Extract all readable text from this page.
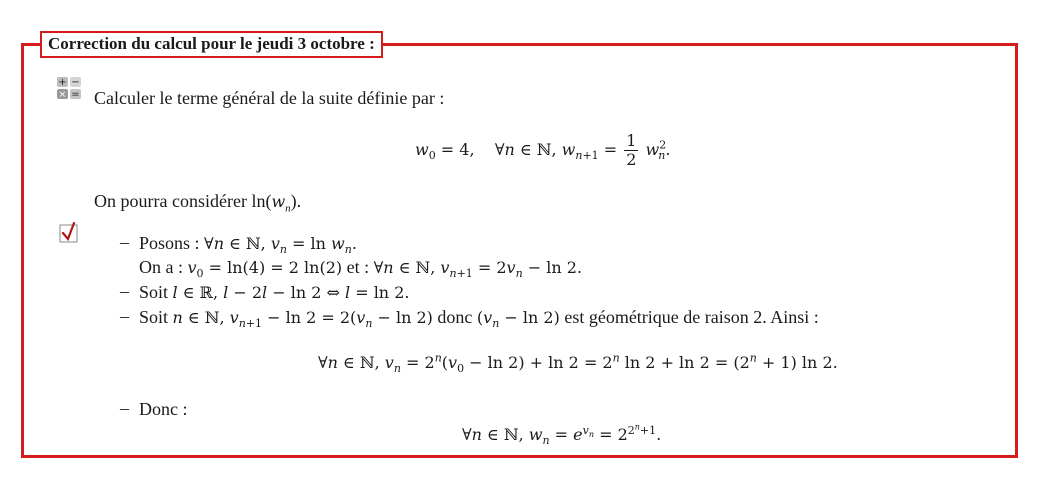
Correction du calcul pour le jeudi 3 octobre :
+ −
× = Calculer le terme général de la suite définie par :
$w_0 = 4$,    ∀n ∈ ℕ, $w_{n+1} = \frac{1}{2} w^2_n$.
On pourra considérer $\ln(w_n)$.
– Posons : ∀n ∈ ℕ, $v_n = \ln w_n$.
On a : $v_0 = \ln(4) = 2$ ln(2) et : ∀n ∈ ℕ, $v_{n+1} = 2v_n - \ln 2$.
– Soit l ∈ ℝ, l − 2l − ln 2 ⇔ l = ln 2.
– Soit n ∈ ℕ, $v_{n+1} - \ln 2 = 2(v_n - \ln 2)$ donc $(v_n - \ln 2)$ est géométrique de raison 2. Ainsi :
∀n ∈ ℕ, $v_n = 2^n(v_0 - \ln 2) + \ln 2 = 2^n$ $\ln 2 + \ln 2 = (2^n + 1)$ ln 2.
– Donc :
∀n ∈ ℕ, $w_n = e^{v_n} = 2^{2^n+1}$.
